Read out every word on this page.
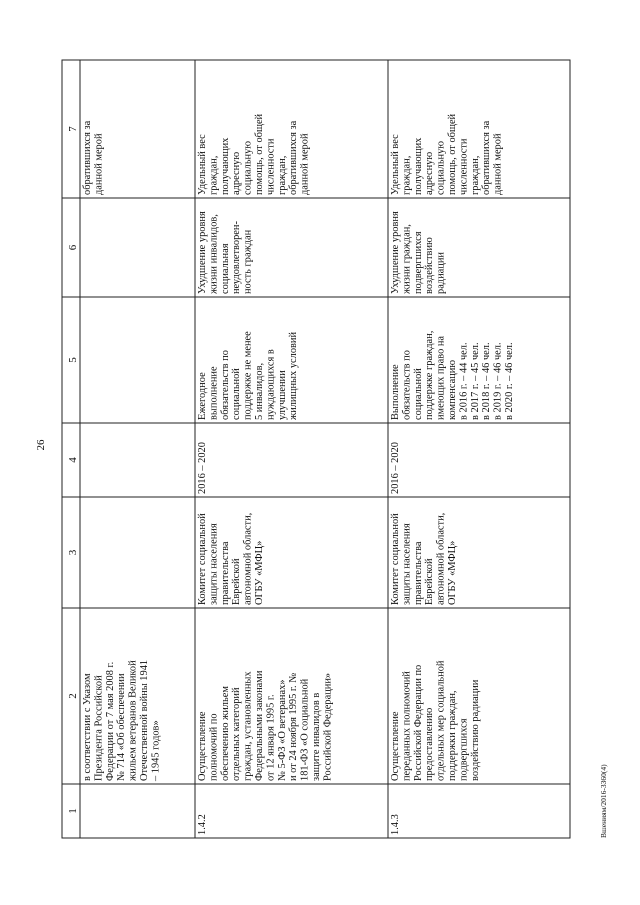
26
1
2
3
4
5
6
7
в соответствии с Указом Президента Российской Федерации от 7 мая 2008 г. № 714 «Об обеспечении жильем ветеранов Великой Отечественной войны 1941 – 1945 годов»
обратившихся за данной мерой
1.4.2
Осуществление полномочий по обеспечению жильем отдельных категорий граждан, установленных Федеральными законами от 12 января 1995 г. № 5-ФЗ «О ветеранах» и от 24 ноября 1995 г. № 181-ФЗ «О социальной защите инвалидов в Российской Федерации»
Комитет социальной защиты населения правительства Еврейской автономной области, ОГБУ «МФЦ»
2016 – 2020
Ежегодное выполнение обязательств по социальной поддержке не менее 5 инвалидов, нуждающихся в улучшении жилищных условий
Ухудшение уровня жизни инвалидов, социальная неудовлетворен- ность граждан
Удельный вес граждан, получающих адресную социальную помощь, от общей численности граждан, обратившихся за данной мерой
1.4.3
Осуществление переданных полномочий Российской Федерации по предоставлению отдельных мер социальной поддержки граждан, подвергшихся воздействию радиации
Комитет социальной защиты населения правительства Еврейской автономной области, ОГБУ «МФЦ»
2016 – 2020
Выполнение обязательств по социальной поддержке граждан, имеющих право на компенсацию в 2016 г. – 44 чел. в 2017 г. – 45 чел. в 2018 г. – 46 чел. в 2019 г. – 46 чел. в 2020 г. – 46 чел.
Ухудшение уровня жизни граждан, подвергшихся воздействию радиации
Удельный вес граждан, получающих адресную социальную помощь, от общей численности граждан, обратившихся за данной мерой
Вшениям/2016-3360(4)
